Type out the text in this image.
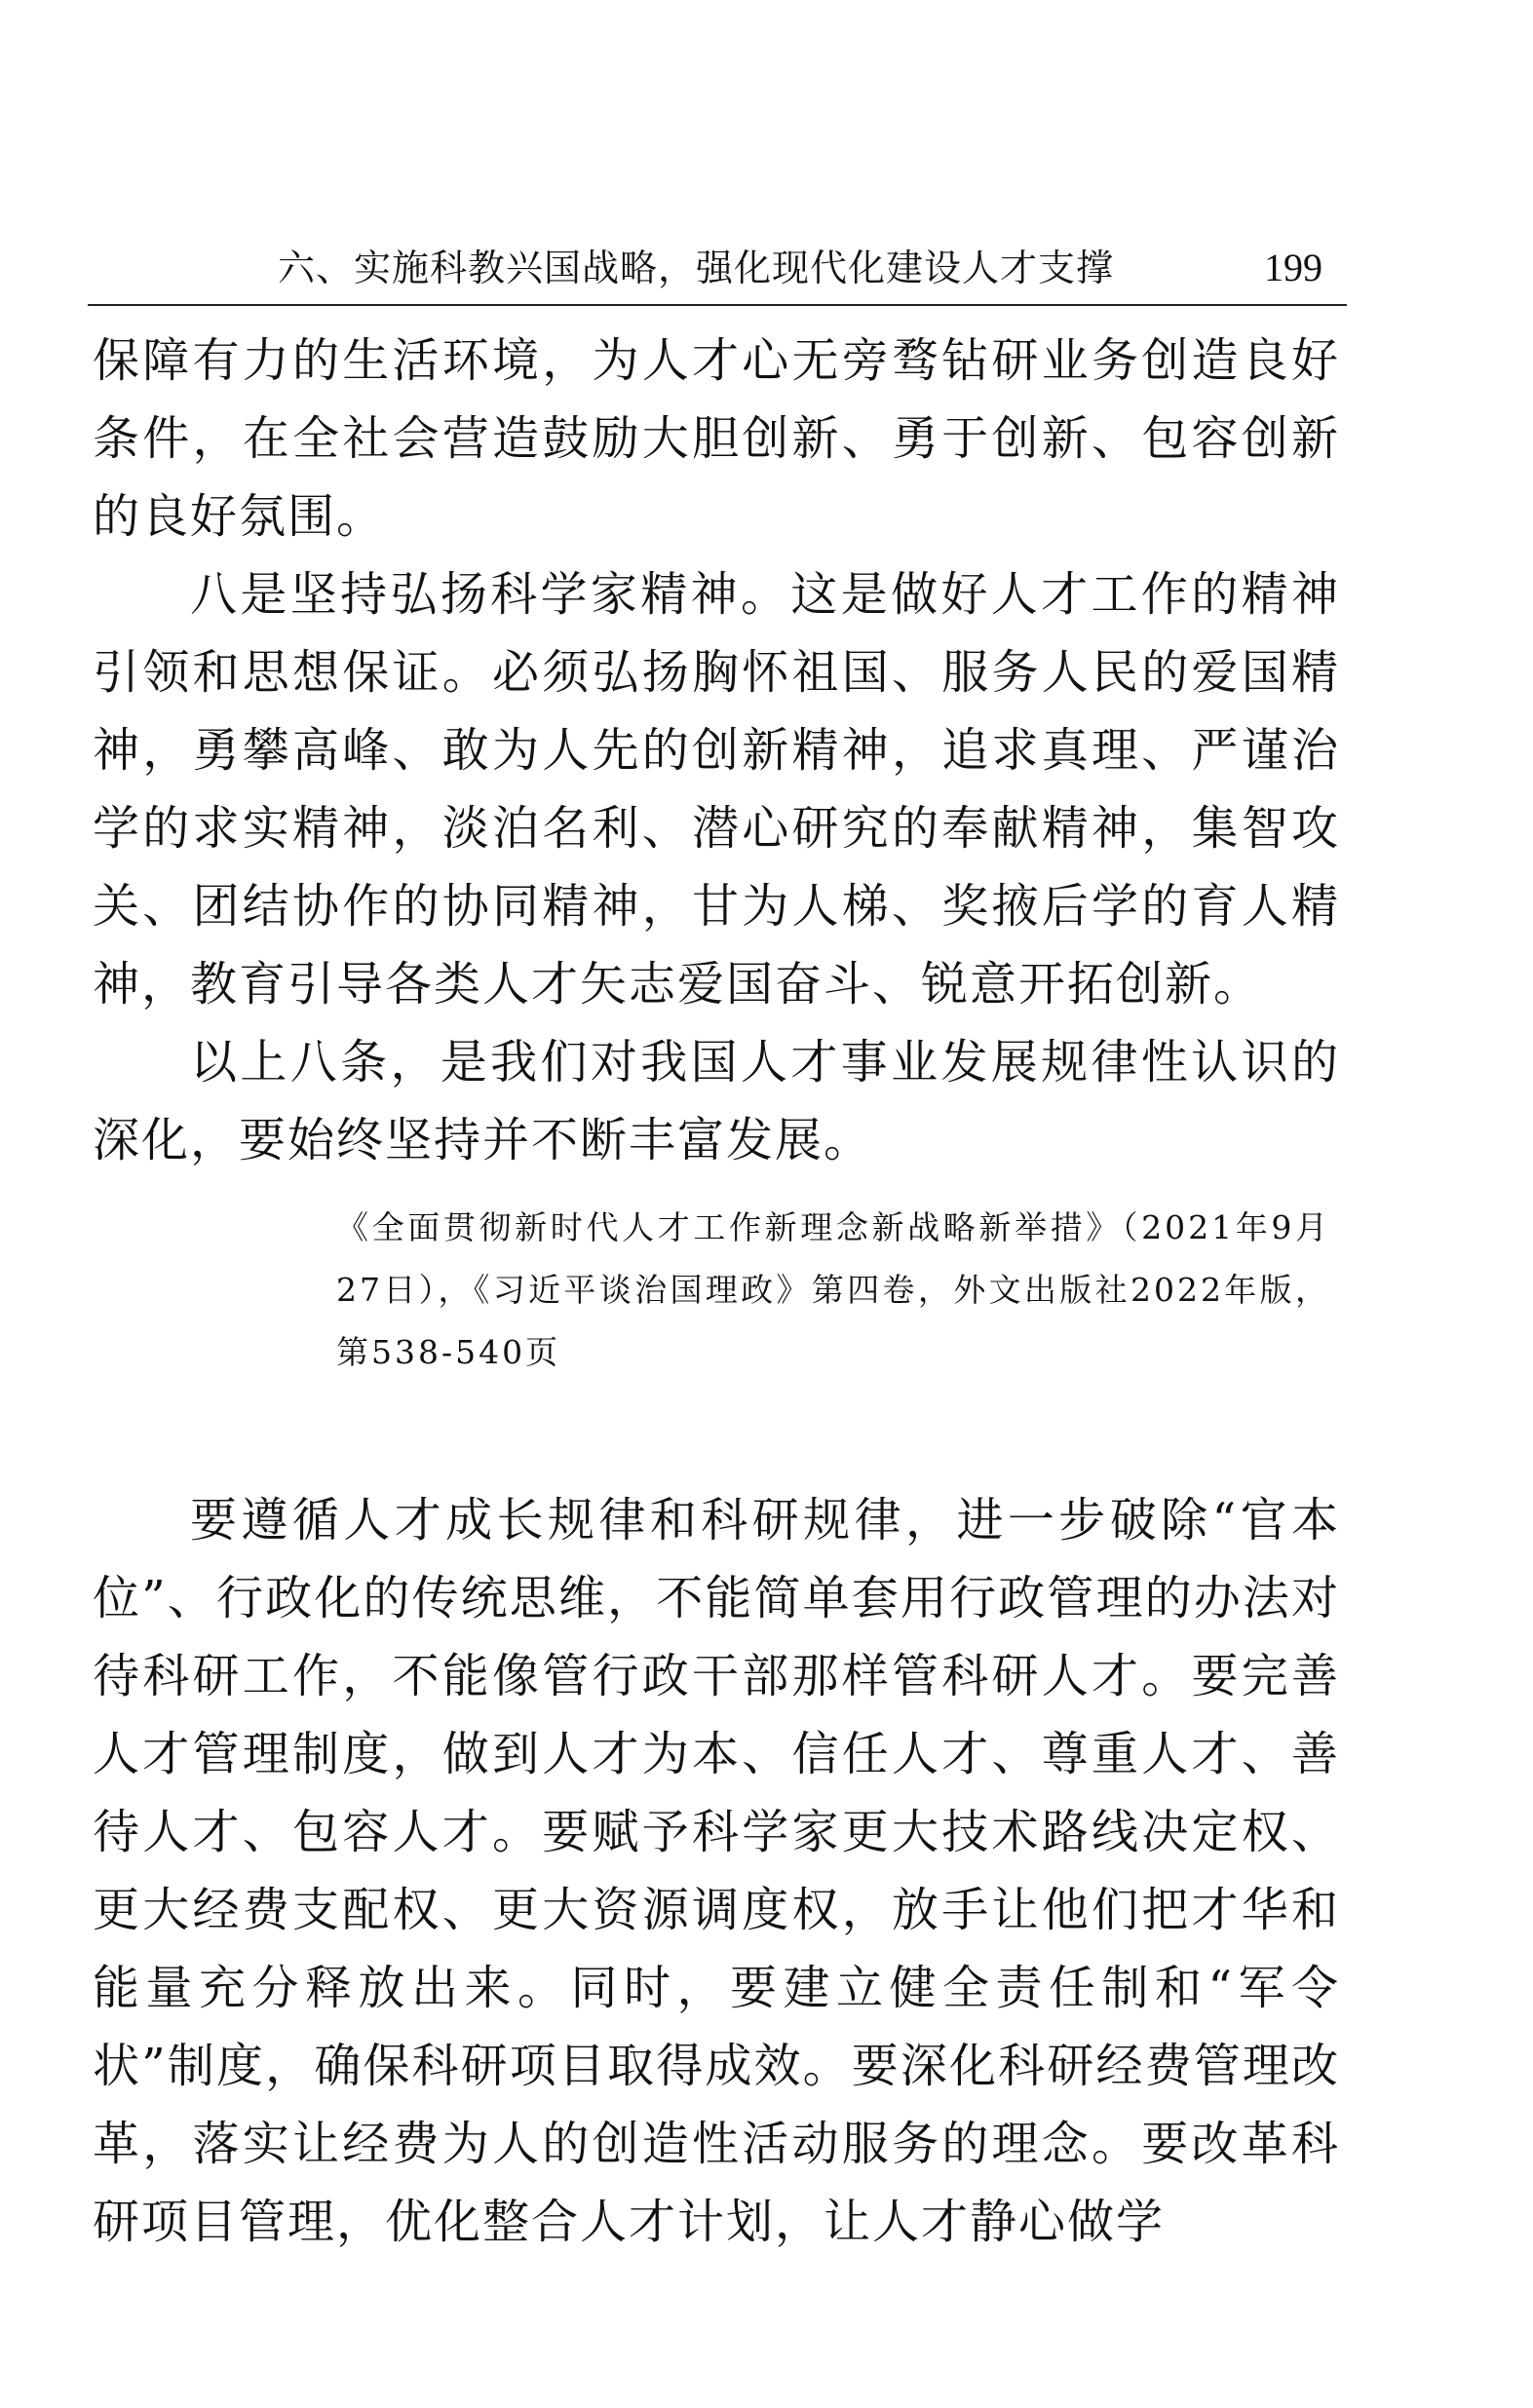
六、实施科教兴国战略，强化现代化建设人才支撑	199

保障有力的生活环境，为人才心无旁骛钻研业务创造良好条件，在全社会营造鼓励大胆创新、勇于创新、包容创新的良好氛围。

八是坚持弘扬科学家精神。这是做好人才工作的精神引领和思想保证。必须弘扬胸怀祖国、服务人民的爱国精神，勇攀高峰、敢为人先的创新精神，追求真理、严谨治学的求实精神，淡泊名利、潜心研究的奉献精神，集智攻关、团结协作的协同精神，甘为人梯、奖掖后学的育人精神，教育引导各类人才矢志爱国奋斗、锐意开拓创新。

以上八条，是我们对我国人才事业发展规律性认识的深化，要始终坚持并不断丰富发展。

《全面贯彻新时代人才工作新理念新战略新举措》（2021年9月27日），《习近平谈治国理政》第四卷，外文出版社2022年版，第538-540页

要遵循人才成长规律和科研规律，进一步破除“官本位”、行政化的传统思维，不能简单套用行政管理的办法对待科研工作，不能像管行政干部那样管科研人才。要完善人才管理制度，做到人才为本、信任人才、尊重人才、善待人才、包容人才。要赋予科学家更大技术路线决定权、更大经费支配权、更大资源调度权，放手让他们把才华和能量充分释放出来。同时，要建立健全责任制和“军令状”制度，确保科研项目取得成效。要深化科研经费管理改革，落实让经费为人的创造性活动服务的理念。要改革科研项目管理，优化整合人才计划，让人才静心做学
